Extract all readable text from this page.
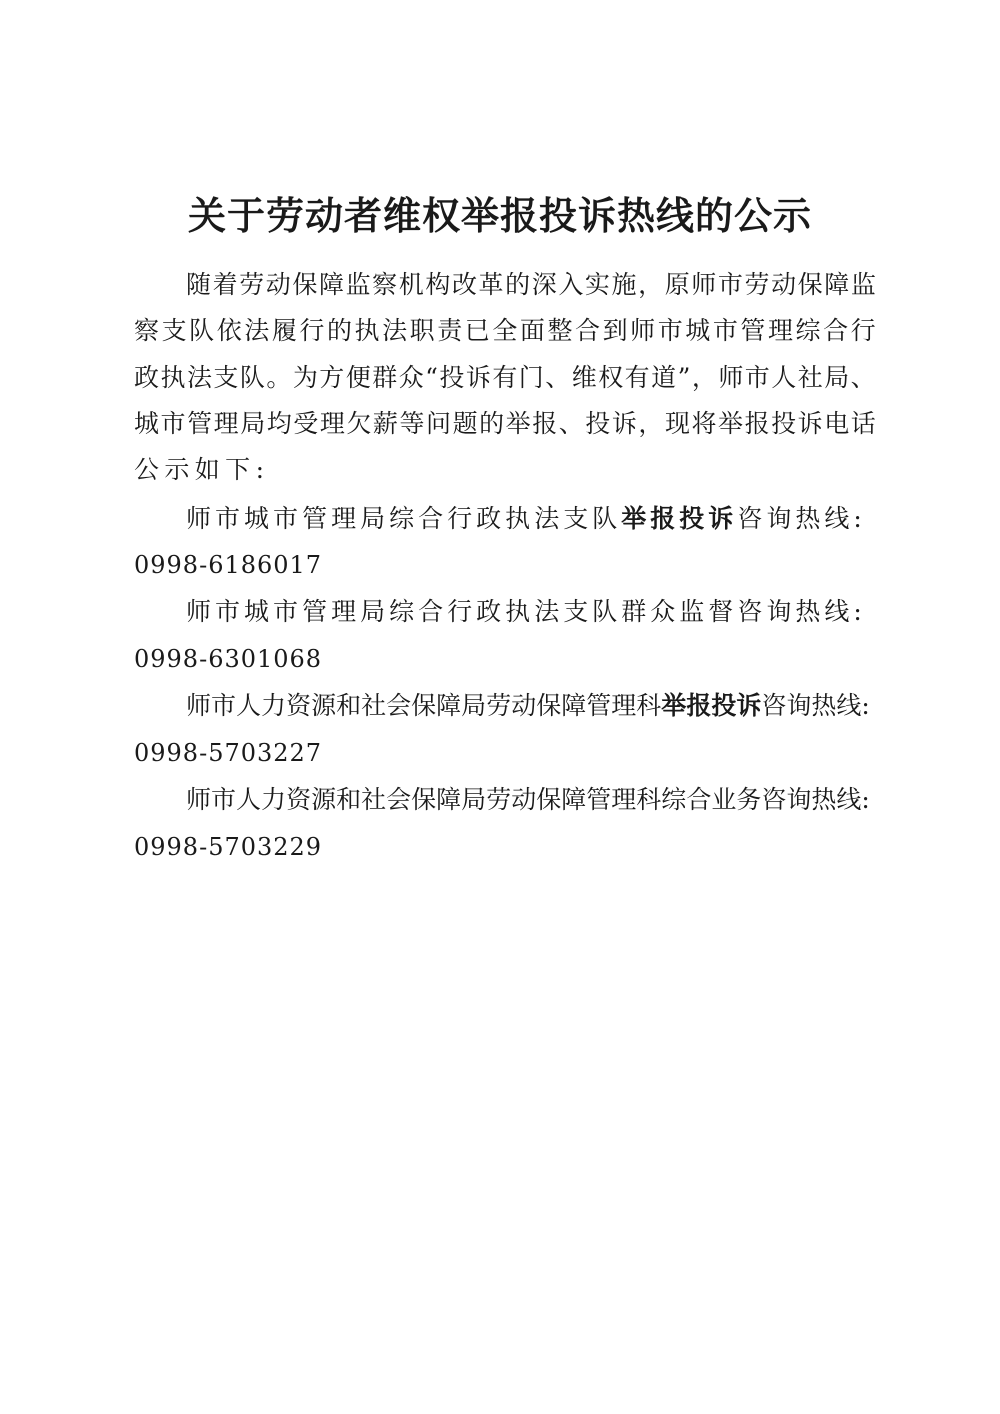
关于劳动者维权举报投诉热线的公示
随 着 劳 动 保 障 监 察 机 构 改 革 的 深 入 实 施 ， 原 师 市 劳 动 保 障 监
察 支 队 依 法 履 行 的 执 法 职 责 已 全 面 整 合 到 师 市 城 市 管 理 综 合 行
政 执 法 支 队 。 为 方 便 群 众 “ 投 诉 有 门 、 维 权 有 道 ” ， 师 市 人 社 局 、
城 市 管 理 局 均 受 理 欠 薪 等 问 题 的 举 报 、 投 诉 ， 现 将 举 报 投 诉 电 话
公 示 如 下 :
师 市 城 市 管 理 局 综 合 行 政 执 法 支 队 举 报 投 诉 咨 询 热 线 :
0998-6186017
师 市 城 市 管 理 局 综 合 行 政 执 法 支 队 群 众 监 督 咨 询 热 线 :
0998-6301068
师 市 人 力 资 源 和 社 会 保 障 局 劳 动 保 障 管 理 科 举 报 投 诉 咨 询 热 线 :
0998-5703227
师 市 人 力 资 源 和 社 会 保 障 局 劳 动 保 障 管 理 科 综 合 业 务 咨 询 热 线 :
0998-5703229
